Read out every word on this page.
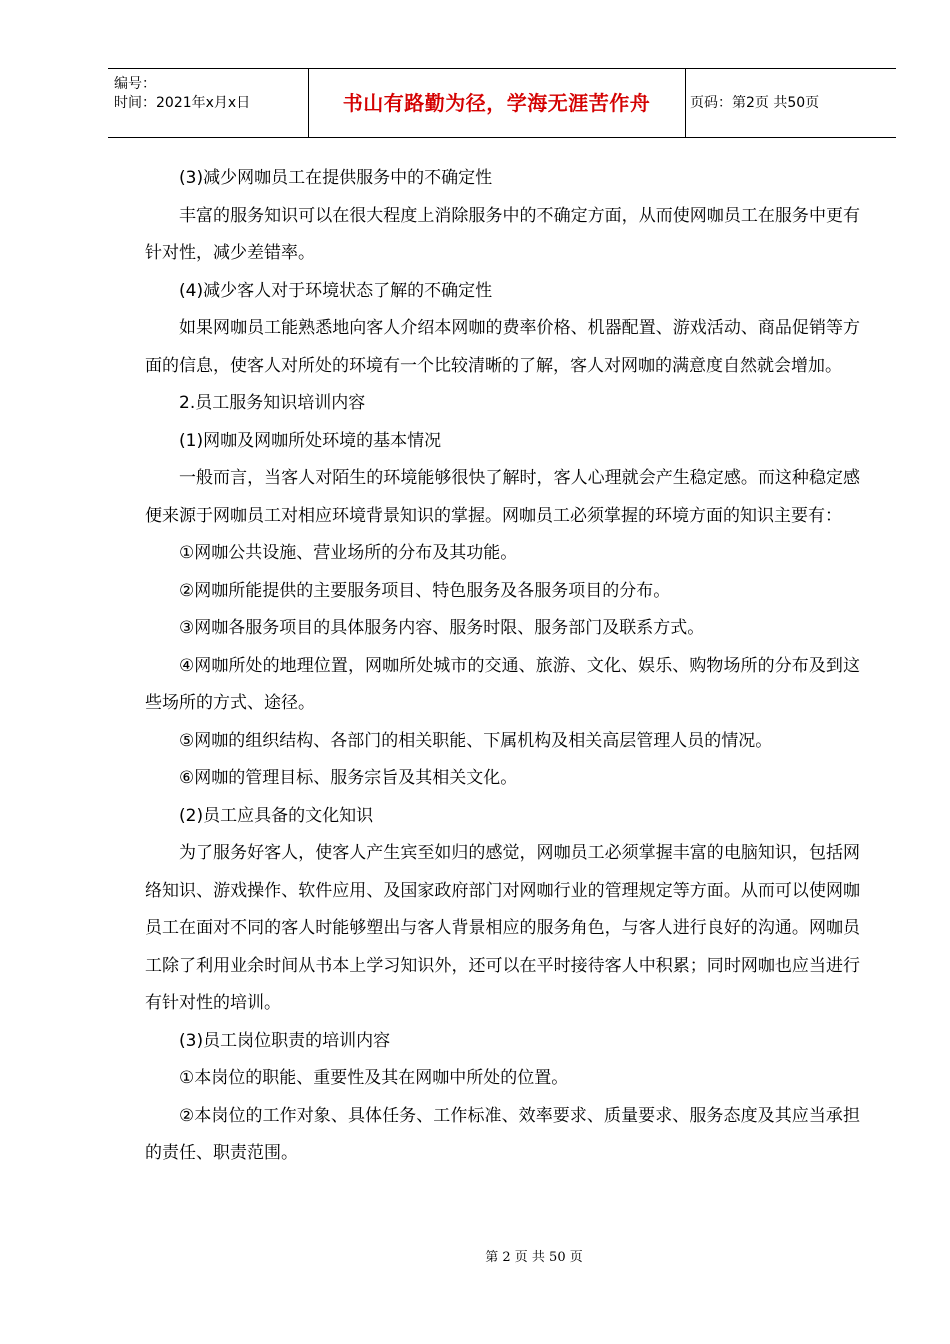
编号：
时间：2021年x月x日	书山有路勤为径，学海无涯苦作舟	页码：第2页 共50页

(3)减少网咖员工在提供服务中的不确定性

丰富的服务知识可以在很大程度上消除服务中的不确定方面，从而使网咖员工在服务中更有针对性，减少差错率。

(4)减少客人对于环境状态了解的不确定性

如果网咖员工能熟悉地向客人介绍本网咖的费率价格、机器配置、游戏活动、商品促销等方面的信息，使客人对所处的环境有一个比较清晰的了解，客人对网咖的满意度自然就会增加。

2.员工服务知识培训内容

(1)网咖及网咖所处环境的基本情况

一般而言，当客人对陌生的环境能够很快了解时，客人心理就会产生稳定感。而这种稳定感便来源于网咖员工对相应环境背景知识的掌握。网咖员工必须掌握的环境方面的知识主要有：

①网咖公共设施、营业场所的分布及其功能。

②网咖所能提供的主要服务项目、特色服务及各服务项目的分布。

③网咖各服务项目的具体服务内容、服务时限、服务部门及联系方式。

④网咖所处的地理位置，网咖所处城市的交通、旅游、文化、娱乐、购物场所的分布及到这些场所的方式、途径。

⑤网咖的组织结构、各部门的相关职能、下属机构及相关高层管理人员的情况。

⑥网咖的管理目标、服务宗旨及其相关文化。

(2)员工应具备的文化知识

为了服务好客人，使客人产生宾至如归的感觉，网咖员工必须掌握丰富的电脑知识，包括网络知识、游戏操作、软件应用、及国家政府部门对网咖行业的管理规定等方面。从而可以使网咖员工在面对不同的客人时能够塑出与客人背景相应的服务角色，与客人进行良好的沟通。网咖员工除了利用业余时间从书本上学习知识外，还可以在平时接待客人中积累；同时网咖也应当进行有针对性的培训。

(3)员工岗位职责的培训内容

①本岗位的职能、重要性及其在网咖中所处的位置。

②本岗位的工作对象、具体任务、工作标准、效率要求、质量要求、服务态度及其应当承担的责任、职责范围。

第 2 页 共 50 页
